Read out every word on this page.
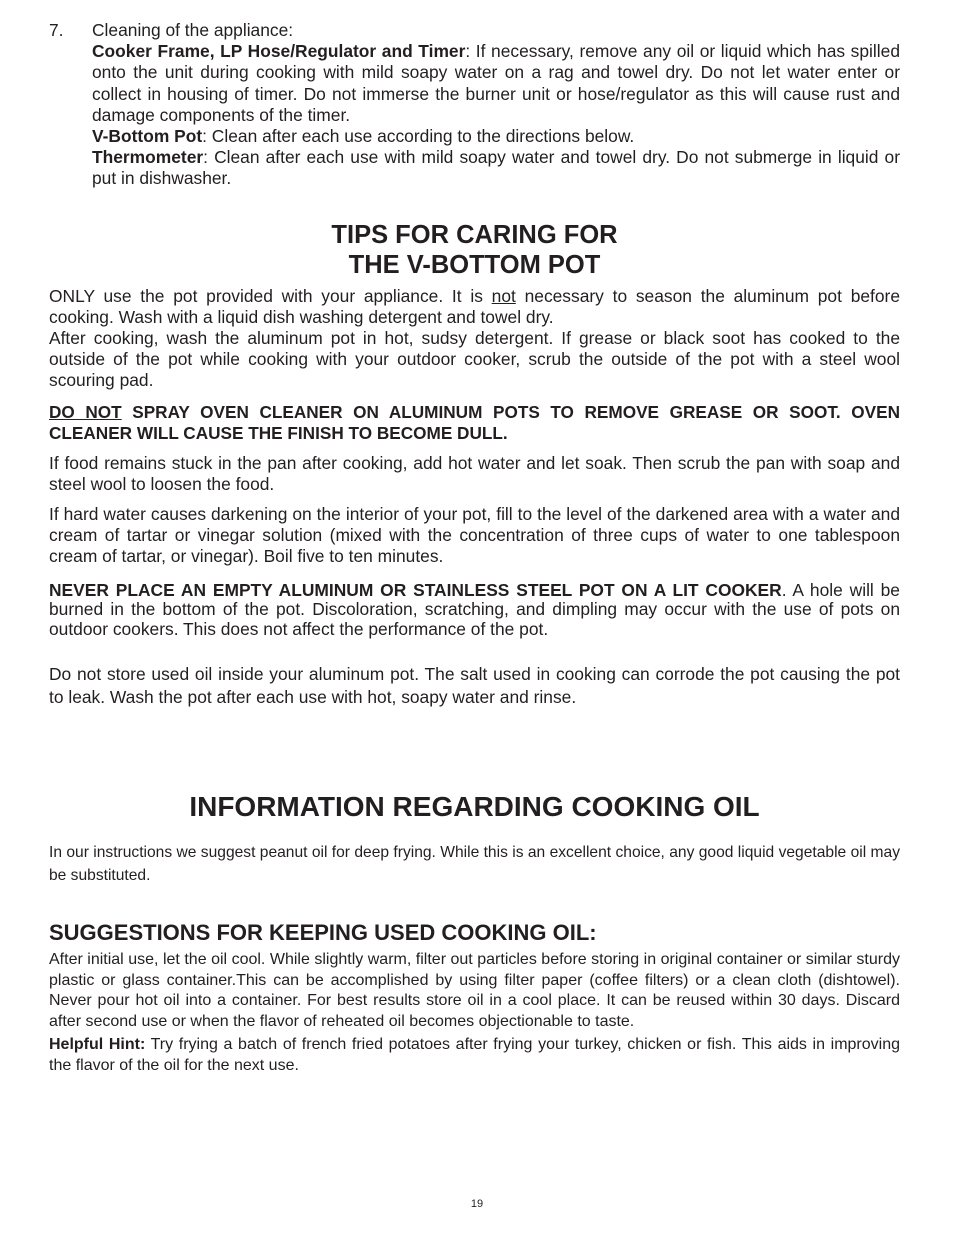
7. Cleaning of the appliance:

Cooker Frame, LP Hose/Regulator and Timer: If necessary, remove any oil or liquid which has spilled onto the unit during cooking with mild soapy water on a rag and towel dry. Do not let water enter or collect in housing of timer. Do not immerse the burner unit or hose/regulator as this will cause rust and damage components of the timer.

V-Bottom Pot: Clean after each use according to the directions below.

Thermometer: Clean after each use with mild soapy water and towel dry. Do not submerge in liquid or put in dishwasher.

TIPS FOR CARING FOR
THE V-BOTTOM POT

ONLY use the pot provided with your appliance. It is not necessary to season the aluminum pot before cooking. Wash with a liquid dish washing detergent and towel dry.

After cooking, wash the aluminum pot in hot, sudsy detergent. If grease or black soot has cooked to the outside of the pot while cooking with your outdoor cooker, scrub the outside of the pot with a steel wool scouring pad.

DO NOT SPRAY OVEN CLEANER ON ALUMINUM POTS TO REMOVE GREASE OR SOOT. OVEN CLEANER WILL CAUSE THE FINISH TO BECOME DULL.

If food remains stuck in the pan after cooking, add hot water and let soak. Then scrub the pan with soap and steel wool to loosen the food.

If hard water causes darkening on the interior of your pot, fill to the level of the darkened area with a water and cream of tartar or vinegar solution (mixed with the concentration of three cups of water to one tablespoon cream of tartar, or vinegar). Boil five to ten minutes.

NEVER PLACE AN EMPTY ALUMINUM OR STAINLESS STEEL POT ON A LIT COOKER. A hole will be burned in the bottom of the pot. Discoloration, scratching, and dimpling may occur with the use of pots on outdoor cookers. This does not affect the performance of the pot.

Do not store used oil inside your aluminum pot. The salt used in cooking can corrode the pot causing the pot to leak. Wash the pot after each use with hot, soapy water and rinse.

INFORMATION REGARDING COOKING OIL

In our instructions we suggest peanut oil for deep frying. While this is an excellent choice, any good liquid vegetable oil may be substituted.

SUGGESTIONS FOR KEEPING USED COOKING OIL:

After initial use, let the oil cool. While slightly warm, filter out particles before storing in original container or similar sturdy plastic or glass container.This can be accomplished by using filter paper (coffee filters) or a clean cloth (dishtowel). Never pour hot oil into a container. For best results store oil in a cool place. It can be reused within 30 days. Discard after second use or when the flavor of reheated oil becomes objectionable to taste.

Helpful Hint: Try frying a batch of french fried potatoes after frying your turkey, chicken or fish. This aids in improving the flavor of the oil for the next use.

19
